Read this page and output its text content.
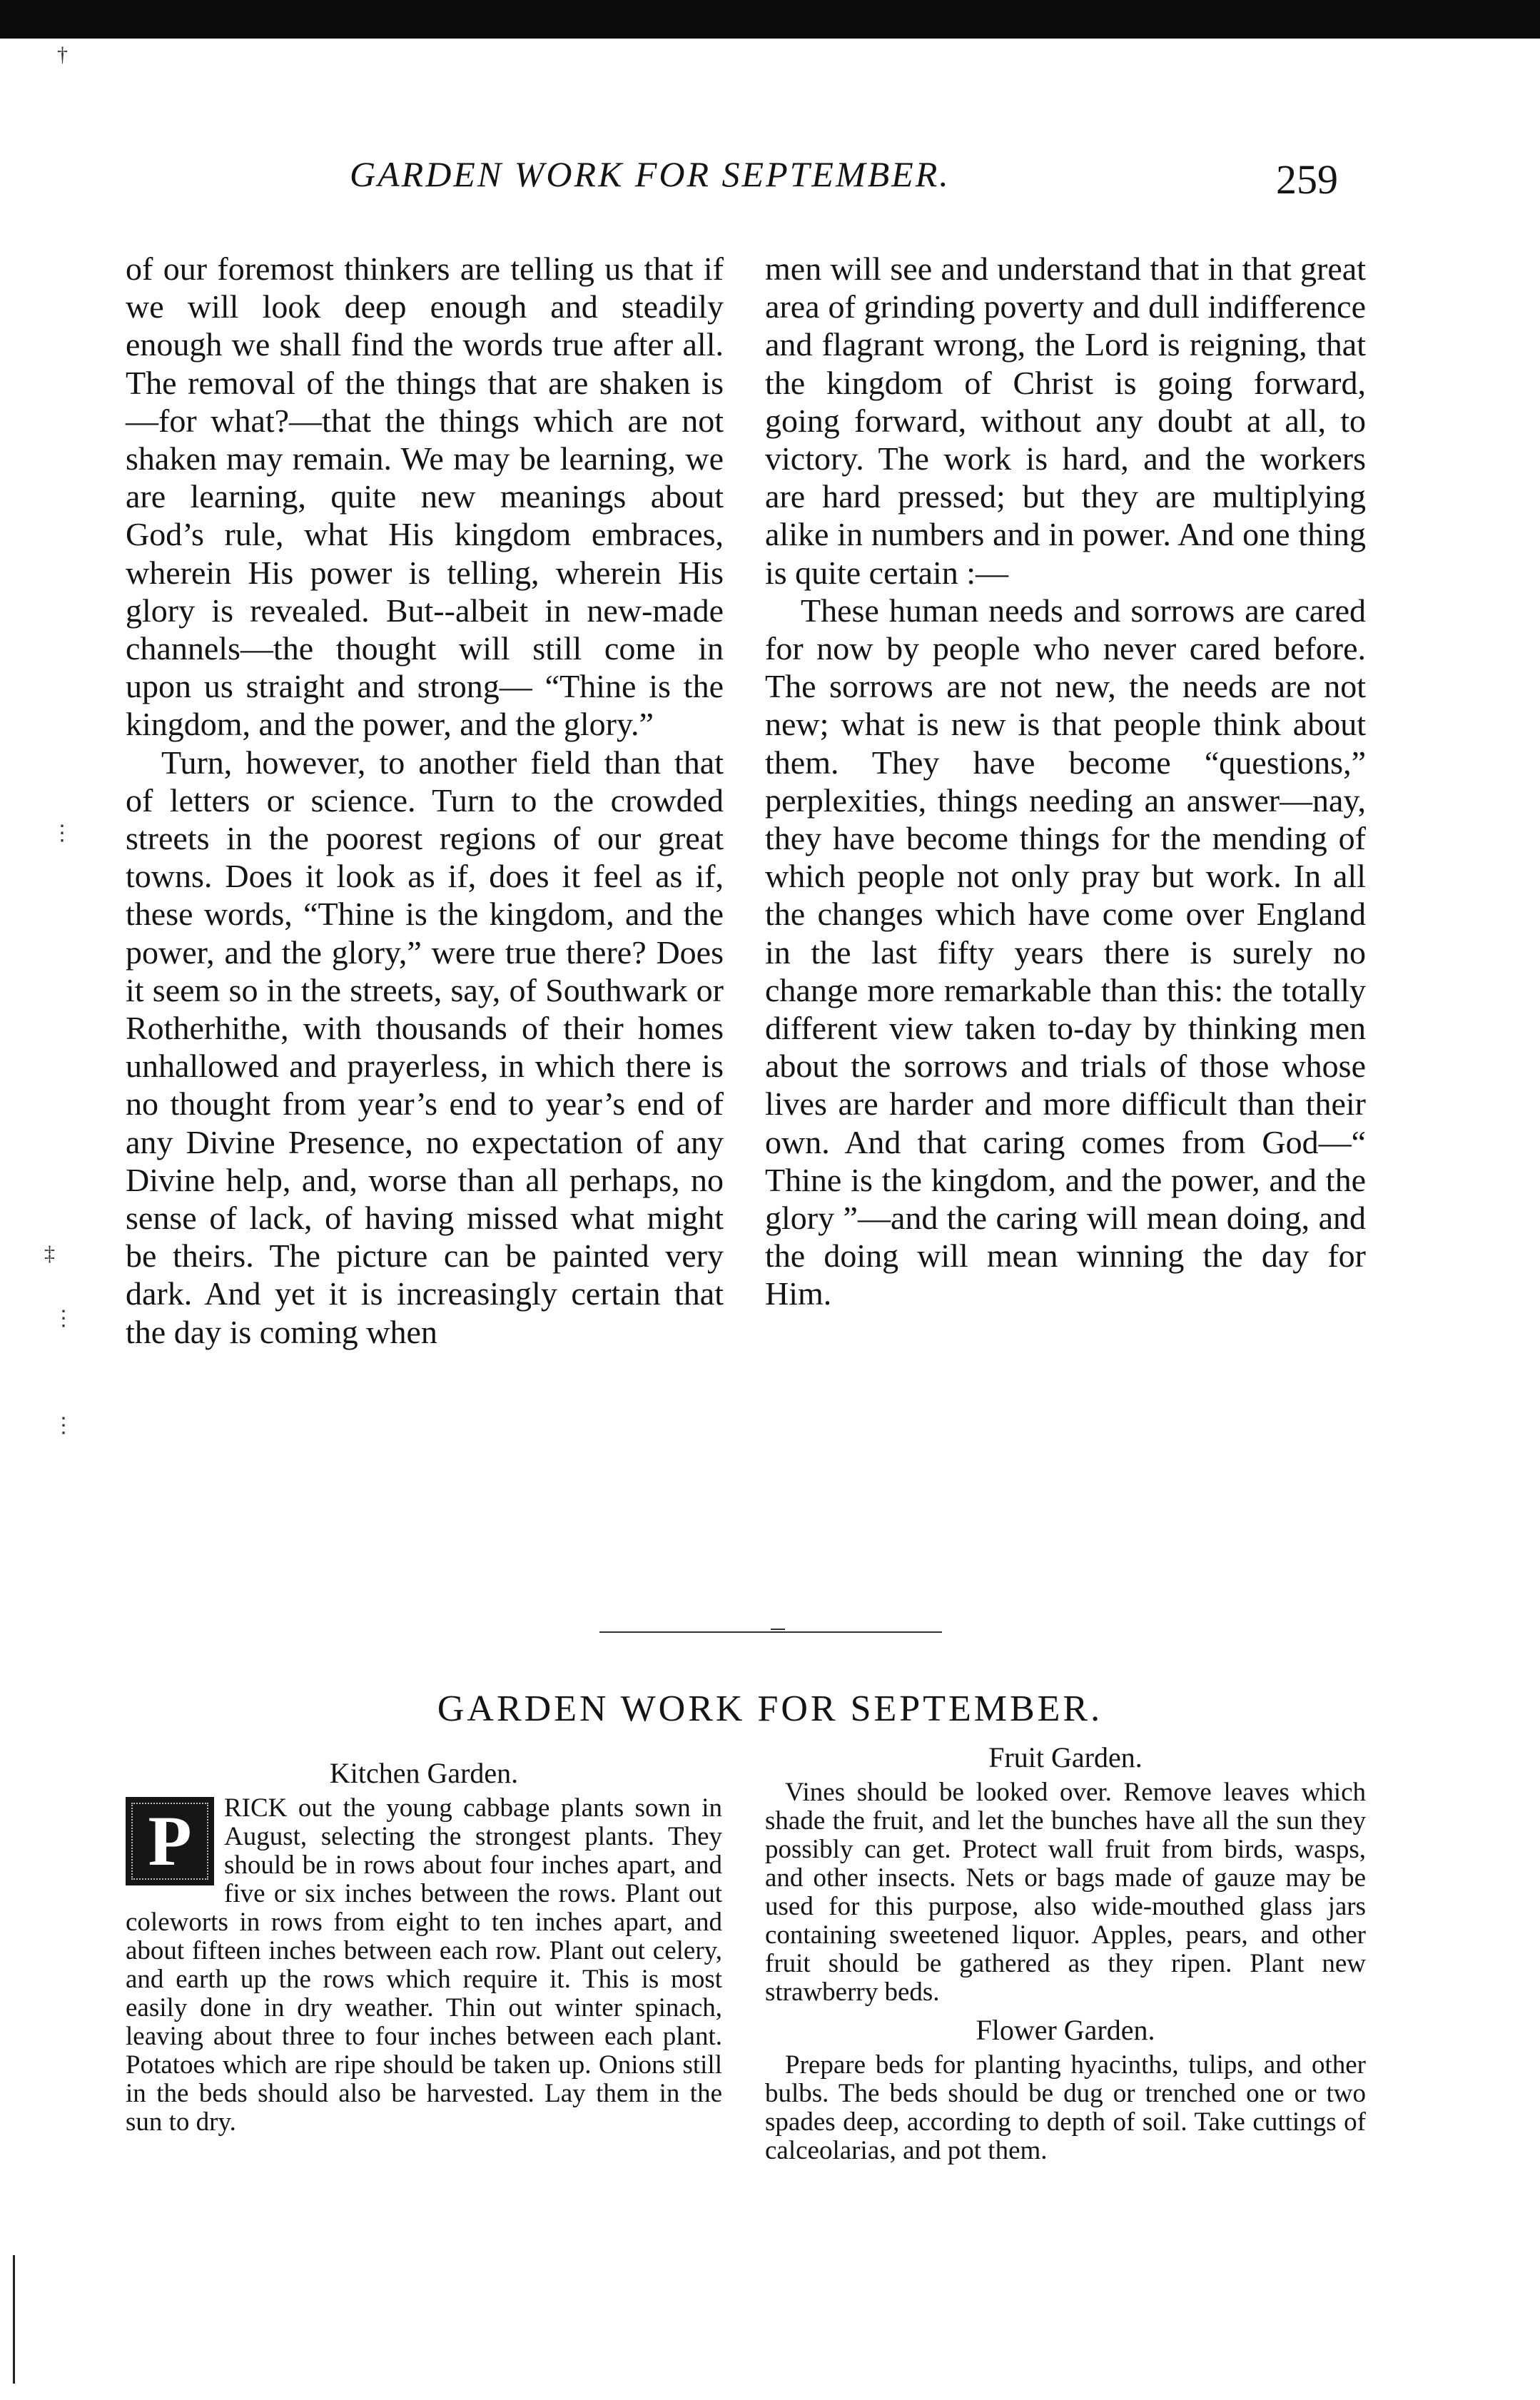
†
⋮
‡
⋮
⋮
GARDEN WORK FOR SEPTEMBER.	259

of our foremost thinkers are telling us that if we will look deep enough and steadily enough we shall find the words true after all. The removal of the things that are shaken is—for what?—that the things which are not shaken may remain. We may be learning, we are learning, quite new meanings about God’s rule, what His kingdom embraces, wherein His power is telling, wherein His glory is revealed. But--albeit in new-made channels—the thought will still come in upon us straight and strong— “Thine is the kingdom, and the power, and the glory.”

Turn, however, to another field than that of letters or science. Turn to the crowded streets in the poorest regions of our great towns. Does it look as if, does it feel as if, these words, “Thine is the kingdom, and the power, and the glory,” were true there? Does it seem so in the streets, say, of Southwark or Rotherhithe, with thousands of their homes unhallowed and prayerless, in which there is no thought from year’s end to year’s end of any Divine Presence, no expectation of any Divine help, and, worse than all perhaps, no sense of lack, of having missed what might be theirs. The picture can be painted very dark. And yet it is increasingly certain that the day is coming when

men will see and understand that in that great area of grinding poverty and dull indifference and flagrant wrong, the Lord is reigning, that the kingdom of Christ is going forward, going forward, without any doubt at all, to victory. The work is hard, and the workers are hard pressed; but they are multiplying alike in numbers and in power. And one thing is quite certain :—

These human needs and sorrows are cared for now by people who never cared before. The sorrows are not new, the needs are not new; what is new is that people think about them. They have become “questions,” perplexities, things needing an answer—nay, they have become things for the mending of which people not only pray but work. In all the changes which have come over England in the last fifty years there is surely no change more remarkable than this: the totally different view taken to-day by thinking men about the sorrows and trials of those whose lives are harder and more difficult than their own. And that caring comes from God—“ Thine is the kingdom, and the power, and the glory ”—and the caring will mean doing, and the doing will mean winning the day for Him.

GARDEN WORK FOR SEPTEMBER.
Kitchen Garden.

P	RICK out the young cabbage plants sown in August, selecting the strongest plants. They should be in rows about four inches apart, and five or six inches between the rows. Plant out coleworts in rows from eight to ten inches apart, and about fifteen inches between each row. Plant out celery, and earth up the rows which require it. This is most easily done in dry weather. Thin out winter spinach, leaving about three to four inches between each plant. Potatoes which are ripe should be taken up. Onions still in the beds should also be harvested. Lay them in the sun to dry.

Fruit Garden.

Vines should be looked over. Remove leaves which shade the fruit, and let the bunches have all the sun they possibly can get. Protect wall fruit from birds, wasps, and other insects. Nets or bags made of gauze may be used for this purpose, also wide-mouthed glass jars containing sweetened liquor. Apples, pears, and other fruit should be gathered as they ripen. Plant new strawberry beds.

Flower Garden.

Prepare beds for planting hyacinths, tulips, and other bulbs. The beds should be dug or trenched one or two spades deep, according to depth of soil. Take cuttings of calceolarias, and pot them.
